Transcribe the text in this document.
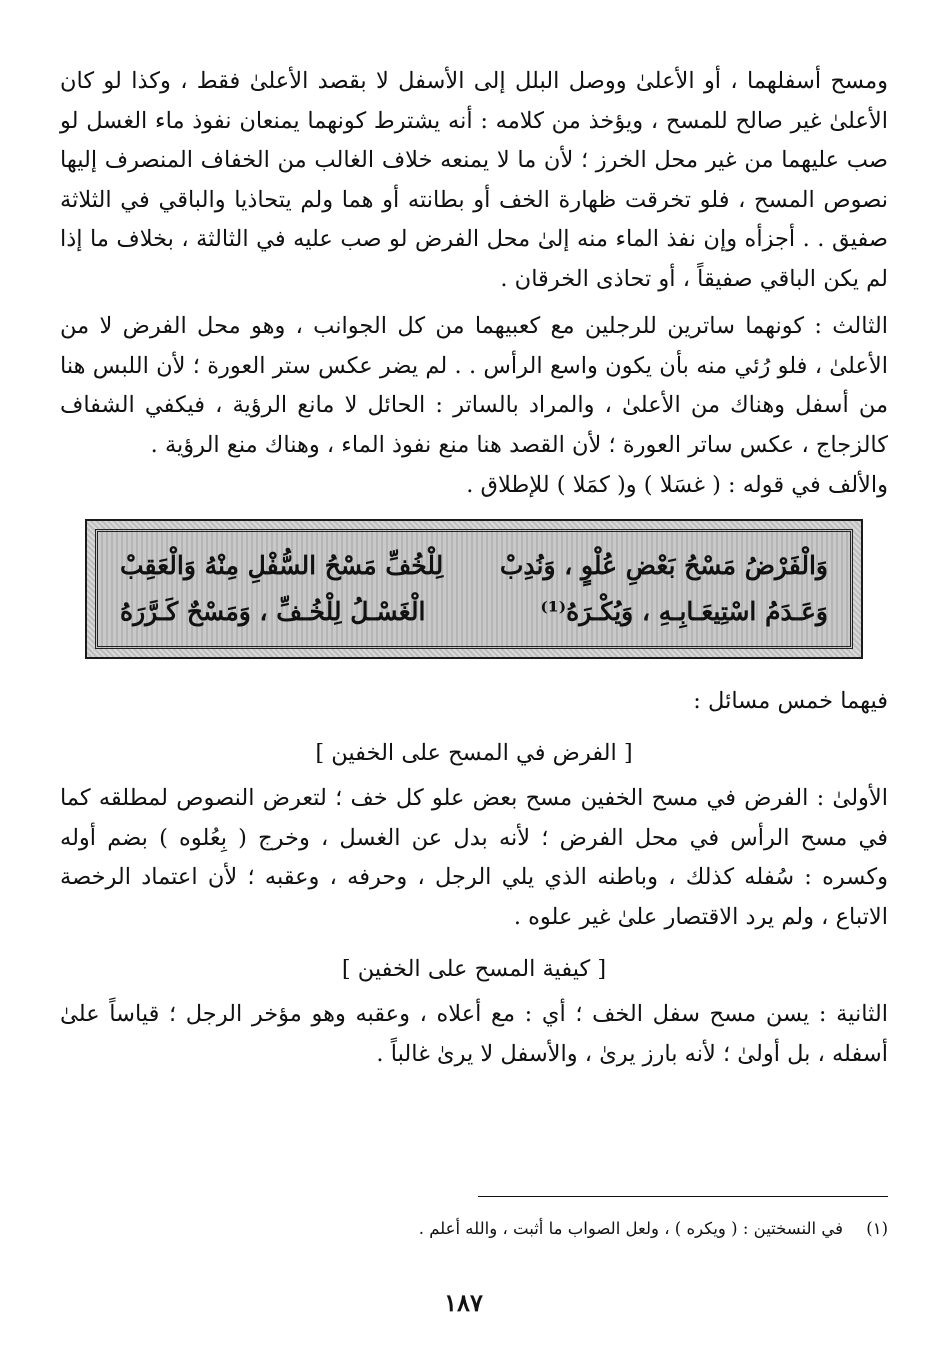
ومسح أسفلهما ، أو الأعلىٰ ووصل البلل إلى الأسفل لا بقصد الأعلىٰ فقط ، وكذا لو كان الأعلىٰ غير صالح للمسح ، ويؤخذ من كلامه : أنه يشترط كونهما يمنعان نفوذ ماء الغسل لو صب عليهما من غير محل الخرز ؛ لأن ما لا يمنعه خلاف الغالب من الخفاف المنصرف إليها نصوص المسح ، فلو تخرقت ظهارة الخف أو بطانته أو هما ولم يتحاذيا والباقي في الثلاثة صفيق . . أجزأه وإن نفذ الماء منه إلىٰ محل الفرض لو صب عليه في الثالثة ، بخلاف ما إذا لم يكن الباقي صفيقاً ، أو تحاذى الخرقان .

الثالث : كونهما ساترين للرجلين مع كعبيهما من كل الجوانب ، وهو محل الفرض لا من الأعلىٰ ، فلو رُئي منه بأن يكون واسع الرأس . . لم يضر عكس ستر العورة ؛ لأن اللبس هنا من أسفل وهناك من الأعلىٰ ، والمراد بالساتر : الحائل لا مانع الرؤية ، فيكفي الشفاف كالزجاج ، عكس ساتر العورة ؛ لأن القصد هنا منع نفوذ الماء ، وهناك منع الرؤية .

والألف في قوله : ( غسَلا ) و( كمَلا ) للإطلاق .

وَالْفَرْضُ مَسْحُ بَعْضِ عُلْوٍ ، وَنُدِبْ
لِلْخُفِّ مَسْحُ السُّفْلِ مِنْهُ وَالْعَقِبْ
وَعَـدَمُ اسْتِيعَـابِـهِ ، وَيُكْـرَهُ⁽¹⁾
الْغَسْـلُ لِلْخُـفِّ ، وَمَسْحٌ كَـرَّرَهُ

فيهما خمس مسائل :

[ الفرض في المسح على الخفين ]

الأولىٰ : الفرض في مسح الخفين مسح بعض علو كل خف ؛ لتعرض النصوص لمطلقه كما في مسح الرأس في محل الفرض ؛ لأنه بدل عن الغسل ، وخرج ( بِعُلوه ) بضم أوله وكسره : سُفله كذلك ، وباطنه الذي يلي الرجل ، وحرفه ، وعقبه ؛ لأن اعتماد الرخصة الاتباع ، ولم يرد الاقتصار علىٰ غير علوه .

[ كيفية المسح على الخفين ]

الثانية : يسن مسح سفل الخف ؛ أي : مع أعلاه ، وعقبه وهو مؤخر الرجل ؛ قياساً علىٰ أسفله ، بل أولىٰ ؛ لأنه بارز يرىٰ ، والأسفل لا يرىٰ غالباً .

(١) في النسختين : ( ويكره ) ، ولعل الصواب ما أثبت ، والله أعلم .
١٨٧
